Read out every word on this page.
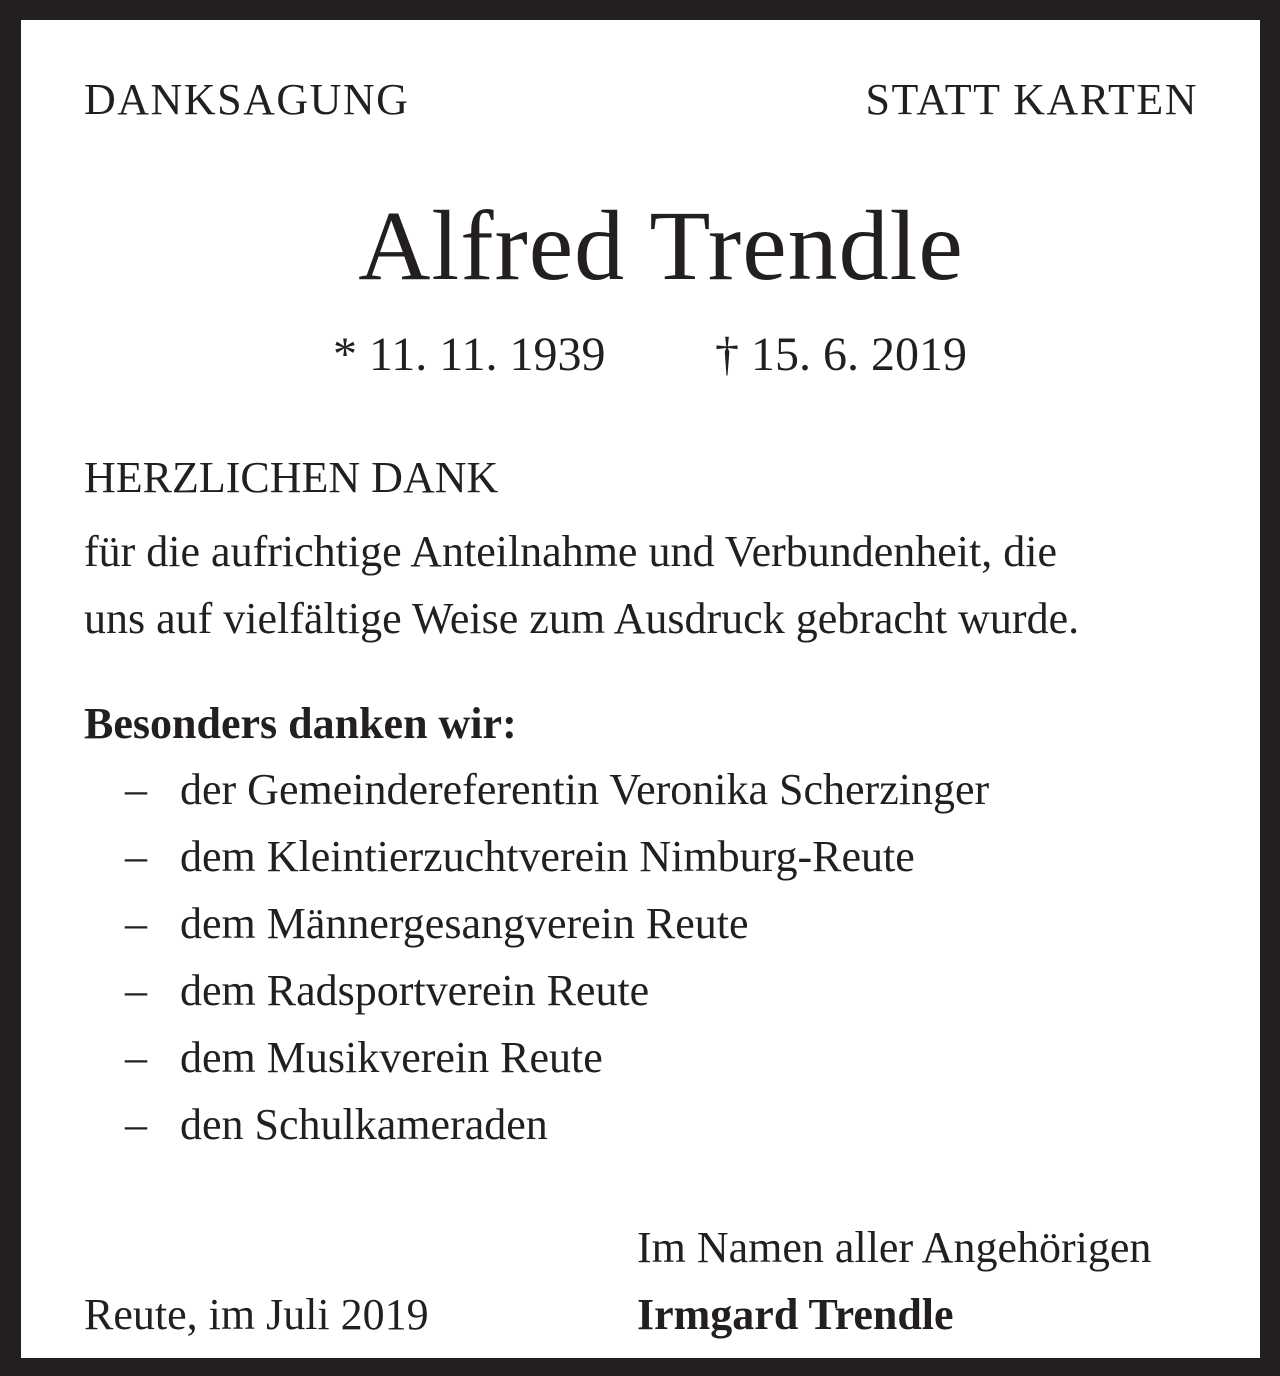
DANKSAGUNG	STATT KARTEN
Alfred Trendle
* 11. 11. 1939 † 15. 6. 2019
HERZLICHEN DANK
für die aufrichtige Anteilnahme und Verbundenheit, die
uns auf vielfältige Weise zum Ausdruck gebracht wurde.
Besonders danken wir:
– der Gemeindereferentin Veronika Scherzinger
– dem Kleintierzuchtverein Nimburg-Reute
– dem Männergesangverein Reute
– dem Radsportverein Reute
– dem Musikverein Reute
– den Schulkameraden
Im Namen aller Angehörigen
Irmgard Trendle
Reute, im Juli 2019
